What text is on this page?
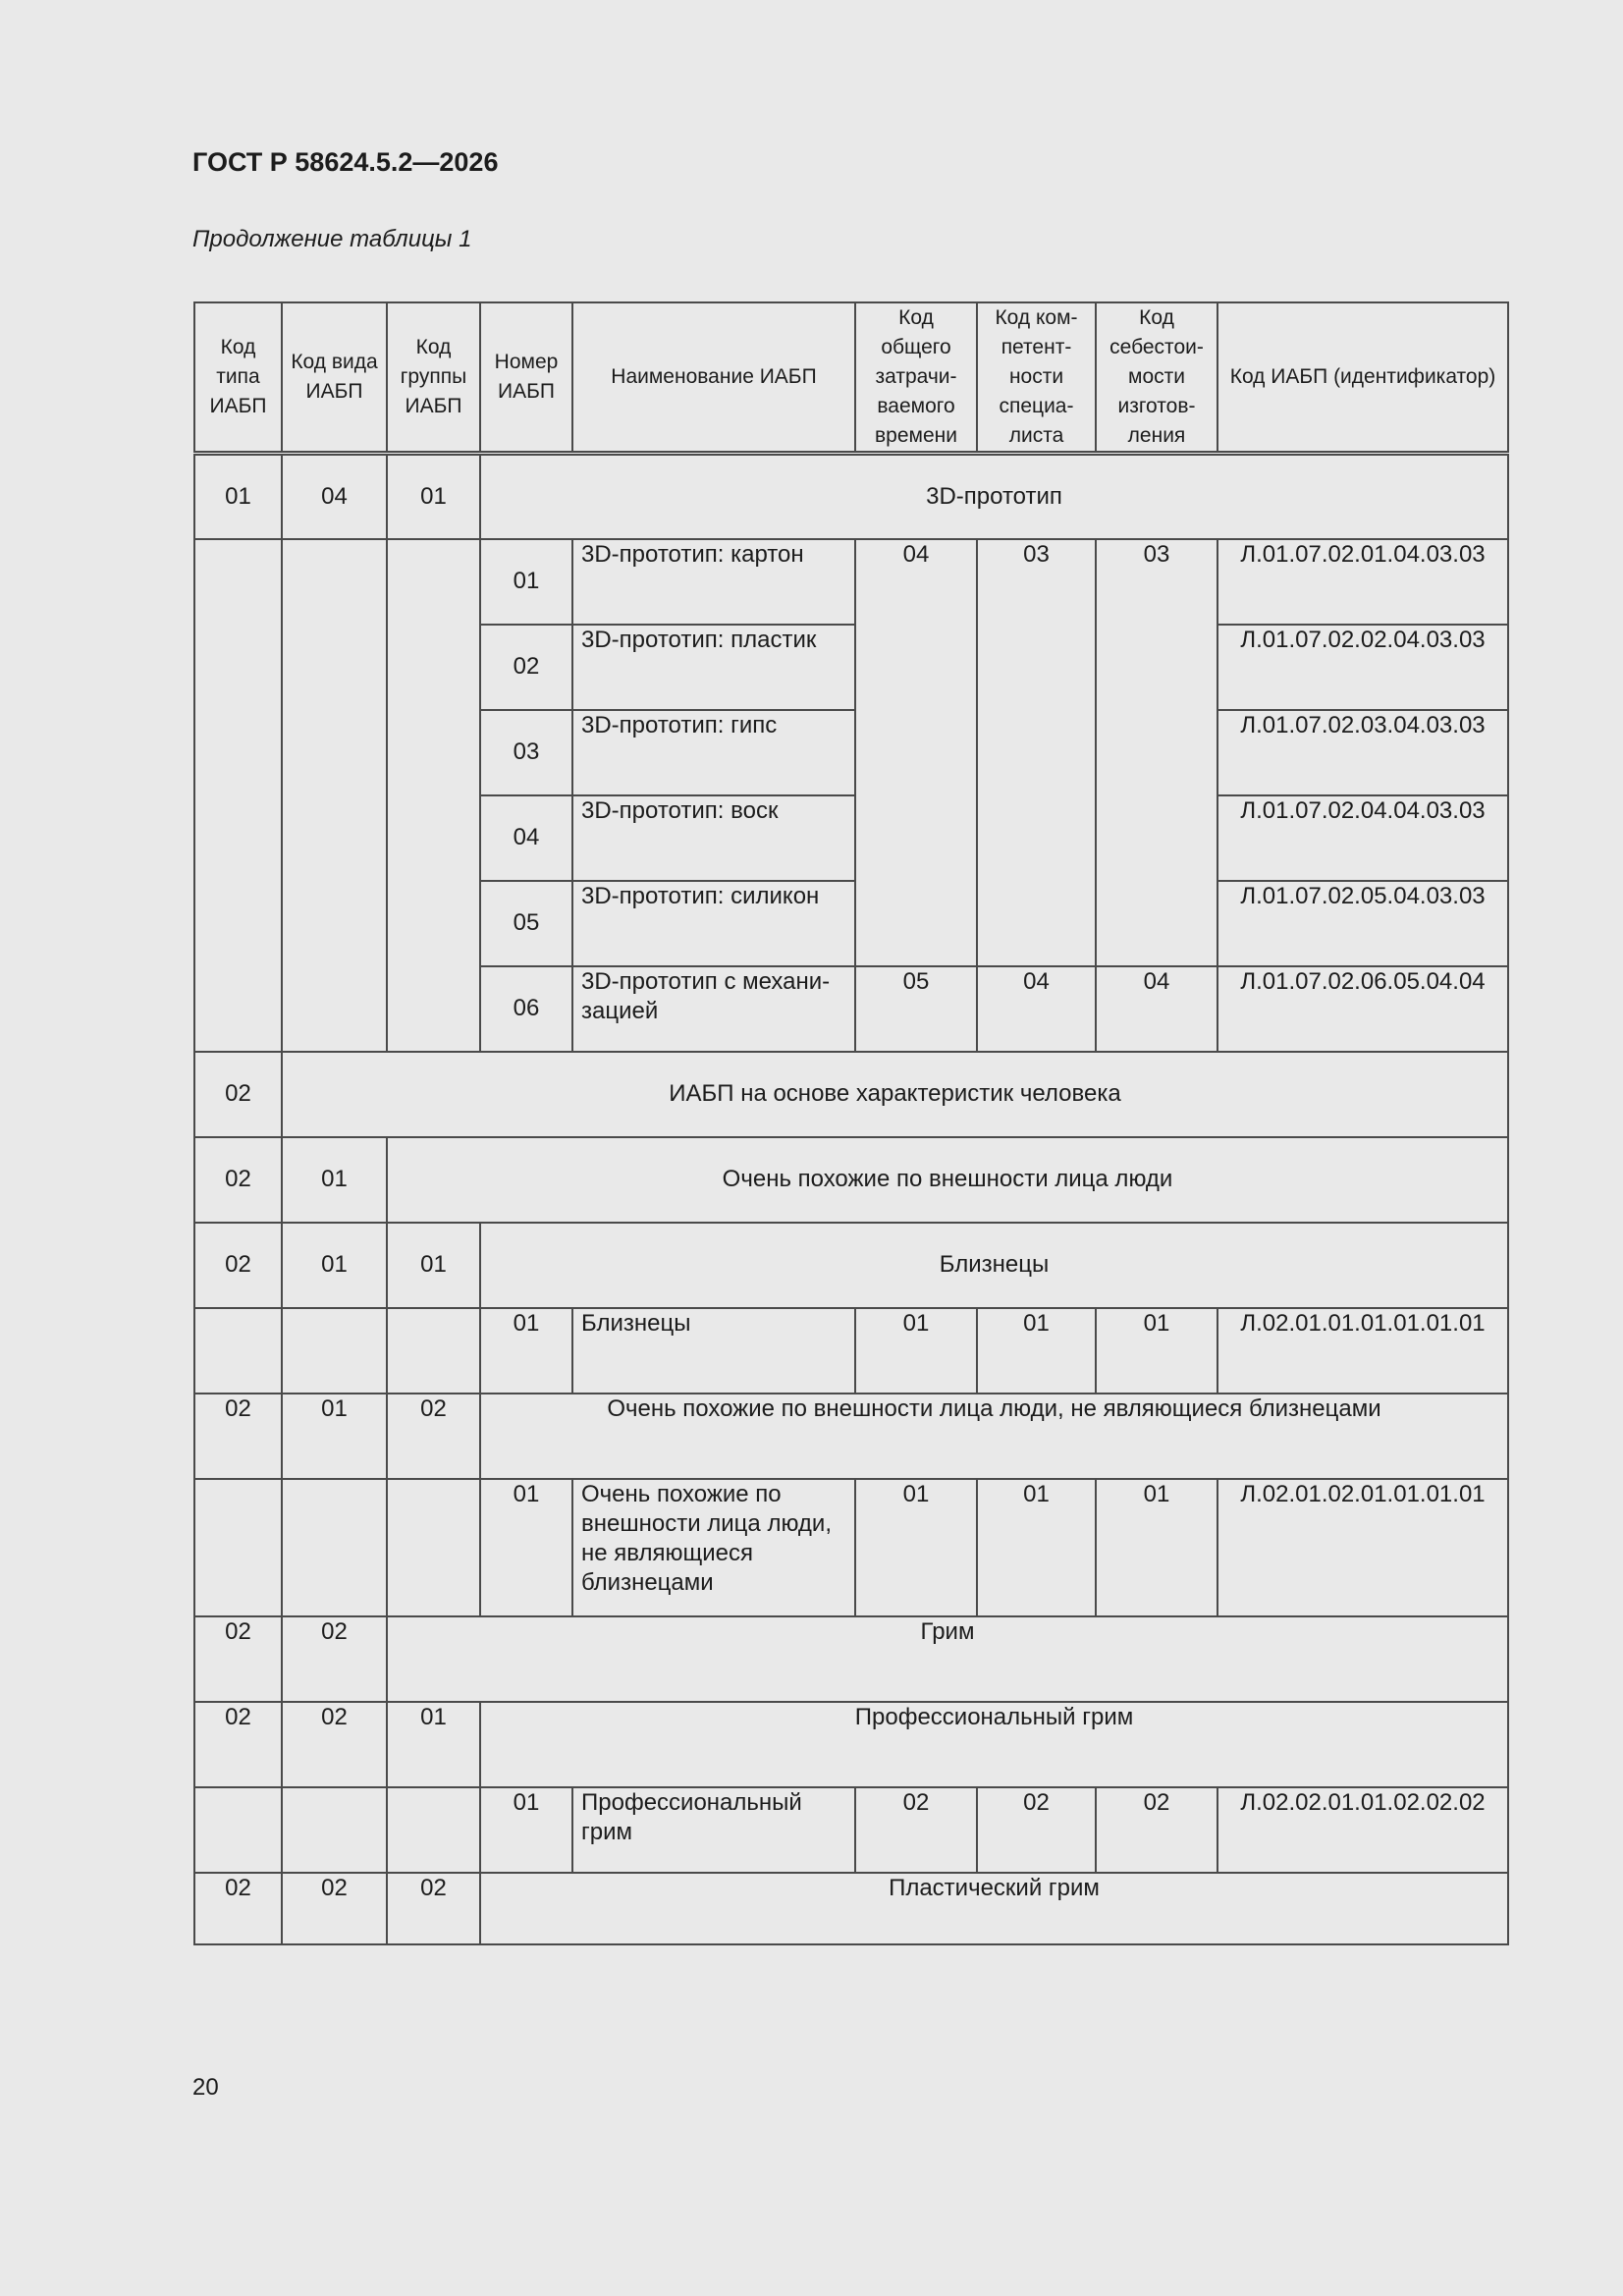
ГОСТ Р 58624.5.2—2026
Продолжение таблицы 1
Код типа ИАБП	Код вида ИАБП	Код группы ИАБП	Номер ИАБП	Наименование ИАБП	Код общего затрачи-ваемого времени	Код ком-петент-ности специа-листа	Код себестои-мости изготов-ления	Код ИАБП (идентификатор)
01	04	01	3D-прототип					
			01	3D-прототип: картон	04	03	03	Л.01.07.02.01.04.03.03
			02	3D-прототип: пластик				Л.01.07.02.02.04.03.03
			03	3D-прототип: гипс				Л.01.07.02.03.04.03.03
			04	3D-прототип: воск				Л.01.07.02.04.04.03.03
			05	3D-прототип: силикон				Л.01.07.02.05.04.03.03
			06	3D-прототип с механи-зацией	05	04	04	Л.01.07.02.06.05.04.04
02	ИАБП на основе характеристик человека							
02	01	Очень похожие по внешности лица люди						
02	01	01	Близнецы					
			01	Близнецы	01	01	01	Л.02.01.01.01.01.01.01
02	01	02	Очень похожие по внешности лица люди, не являющиеся близнецами					
			01	Очень похожие по внешности лица люди, не являющиеся близнецами	01	01	01	Л.02.01.02.01.01.01.01
02	02	Грим						
02	02	01	Профессиональный грим					
			01	Профессиональный грим	02	02	02	Л.02.02.01.01.02.02.02
02	02	02	Пластический грим					
20
